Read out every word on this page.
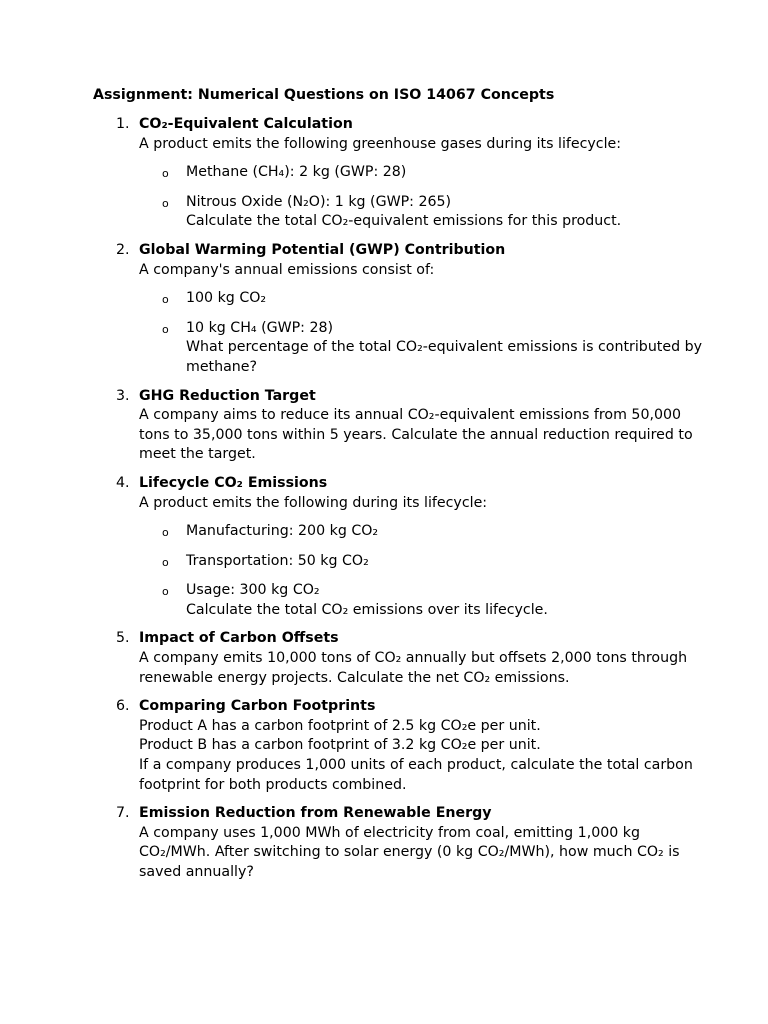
Assignment: Numerical Questions on ISO 14067 Concepts
1. CO₂-Equivalent Calculation
A product emits the following greenhouse gases during its lifecycle:
o Methane (CH₄): 2 kg (GWP: 28)
o Nitrous Oxide (N₂O): 1 kg (GWP: 265)
Calculate the total CO₂-equivalent emissions for this product.
2. Global Warming Potential (GWP) Contribution
A company's annual emissions consist of:
o 100 kg CO₂
o 10 kg CH₄ (GWP: 28)
What percentage of the total CO₂-equivalent emissions is contributed by methane?
3. GHG Reduction Target
A company aims to reduce its annual CO₂-equivalent emissions from 50,000 tons to 35,000 tons within 5 years. Calculate the annual reduction required to meet the target.
4. Lifecycle CO₂ Emissions
A product emits the following during its lifecycle:
o Manufacturing: 200 kg CO₂
o Transportation: 50 kg CO₂
o Usage: 300 kg CO₂
Calculate the total CO₂ emissions over its lifecycle.
5. Impact of Carbon Offsets
A company emits 10,000 tons of CO₂ annually but offsets 2,000 tons through renewable energy projects. Calculate the net CO₂ emissions.
6. Comparing Carbon Footprints
Product A has a carbon footprint of 2.5 kg CO₂e per unit.
Product B has a carbon footprint of 3.2 kg CO₂e per unit.
If a company produces 1,000 units of each product, calculate the total carbon footprint for both products combined.
7. Emission Reduction from Renewable Energy
A company uses 1,000 MWh of electricity from coal, emitting 1,000 kg CO₂/MWh. After switching to solar energy (0 kg CO₂/MWh), how much CO₂ is saved annually?
